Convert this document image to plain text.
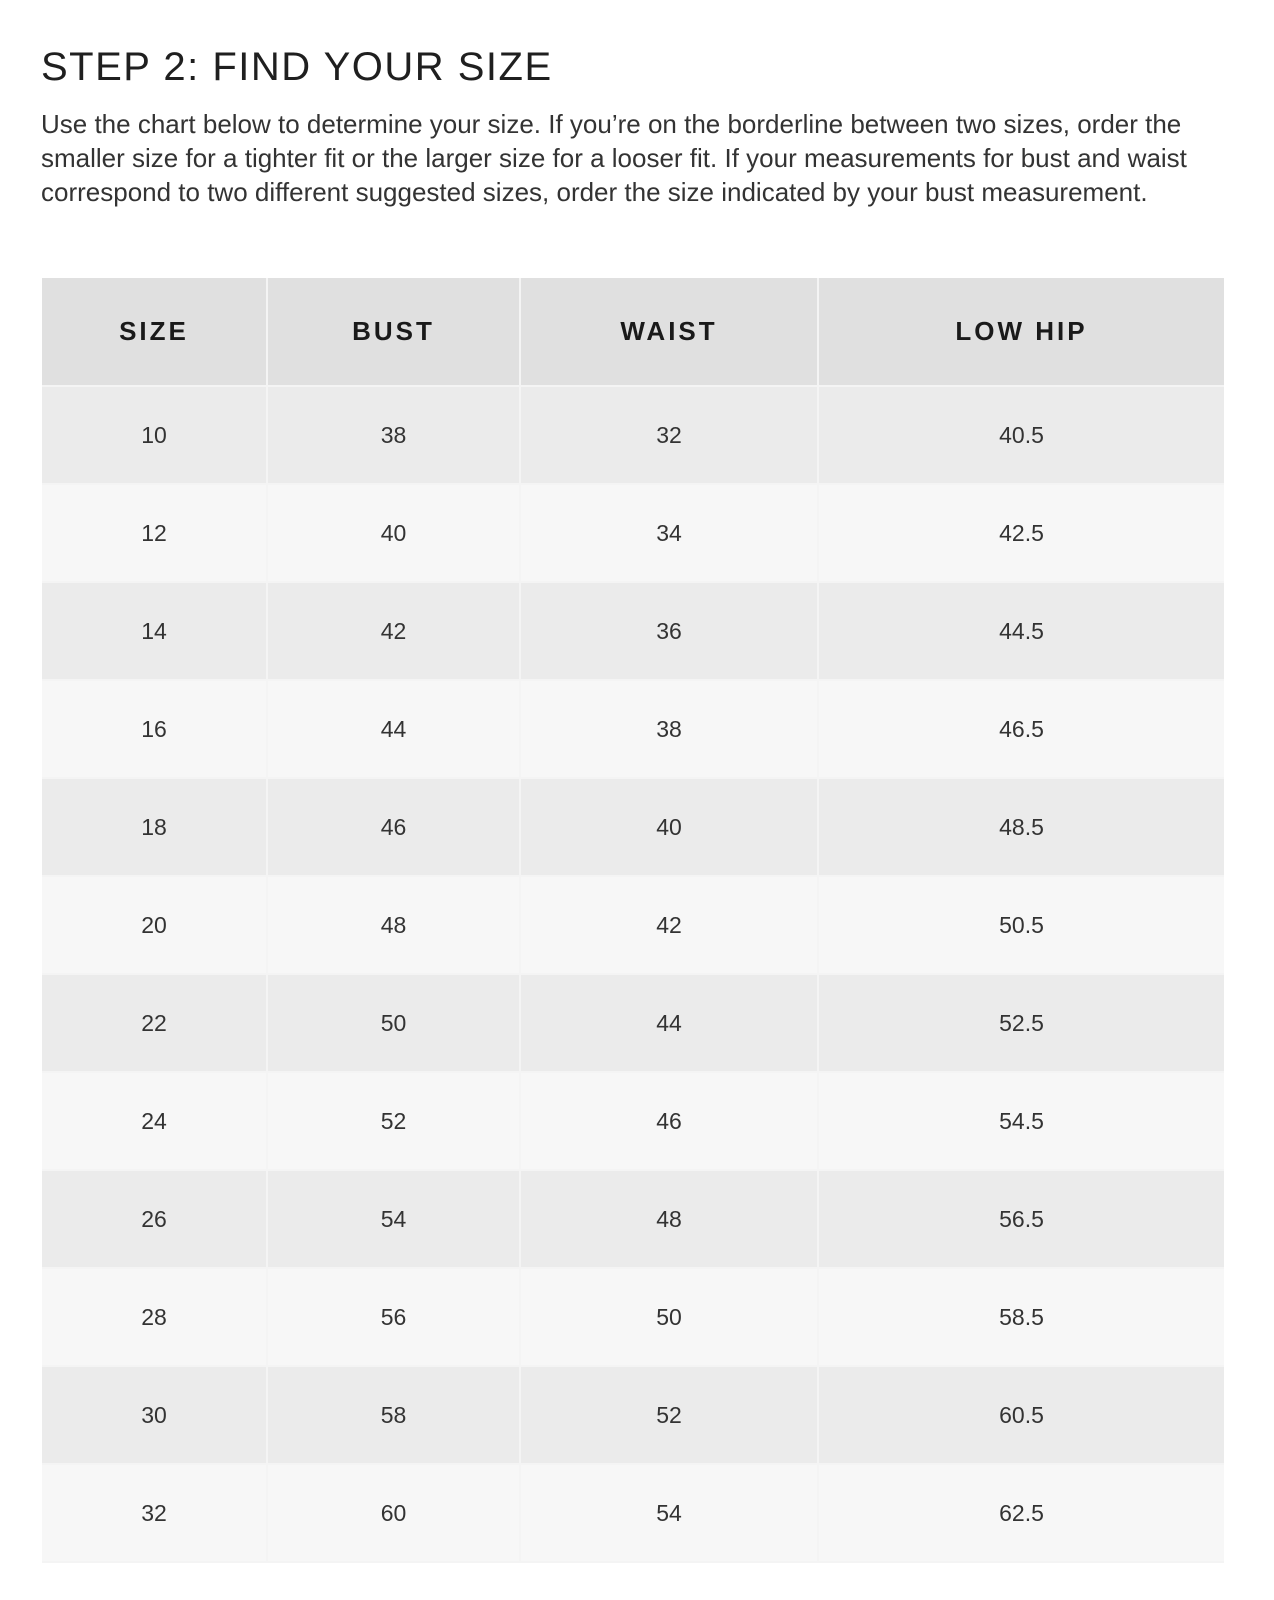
STEP 2: FIND YOUR SIZE

Use the chart below to determine your size. If you’re on the borderline between two sizes, order the smaller size for a tighter fit or the larger size for a looser fit. If your measurements for bust and waist correspond to two different suggested sizes, order the size indicated by your bust measurement.

SIZE	BUST	WAIST	LOW HIP
10	38	32	40.5
12	40	34	42.5
14	42	36	44.5
16	44	38	46.5
18	46	40	48.5
20	48	42	50.5
22	50	44	52.5
24	52	46	54.5
26	54	48	56.5
28	56	50	58.5
30	58	52	60.5
32	60	54	62.5
